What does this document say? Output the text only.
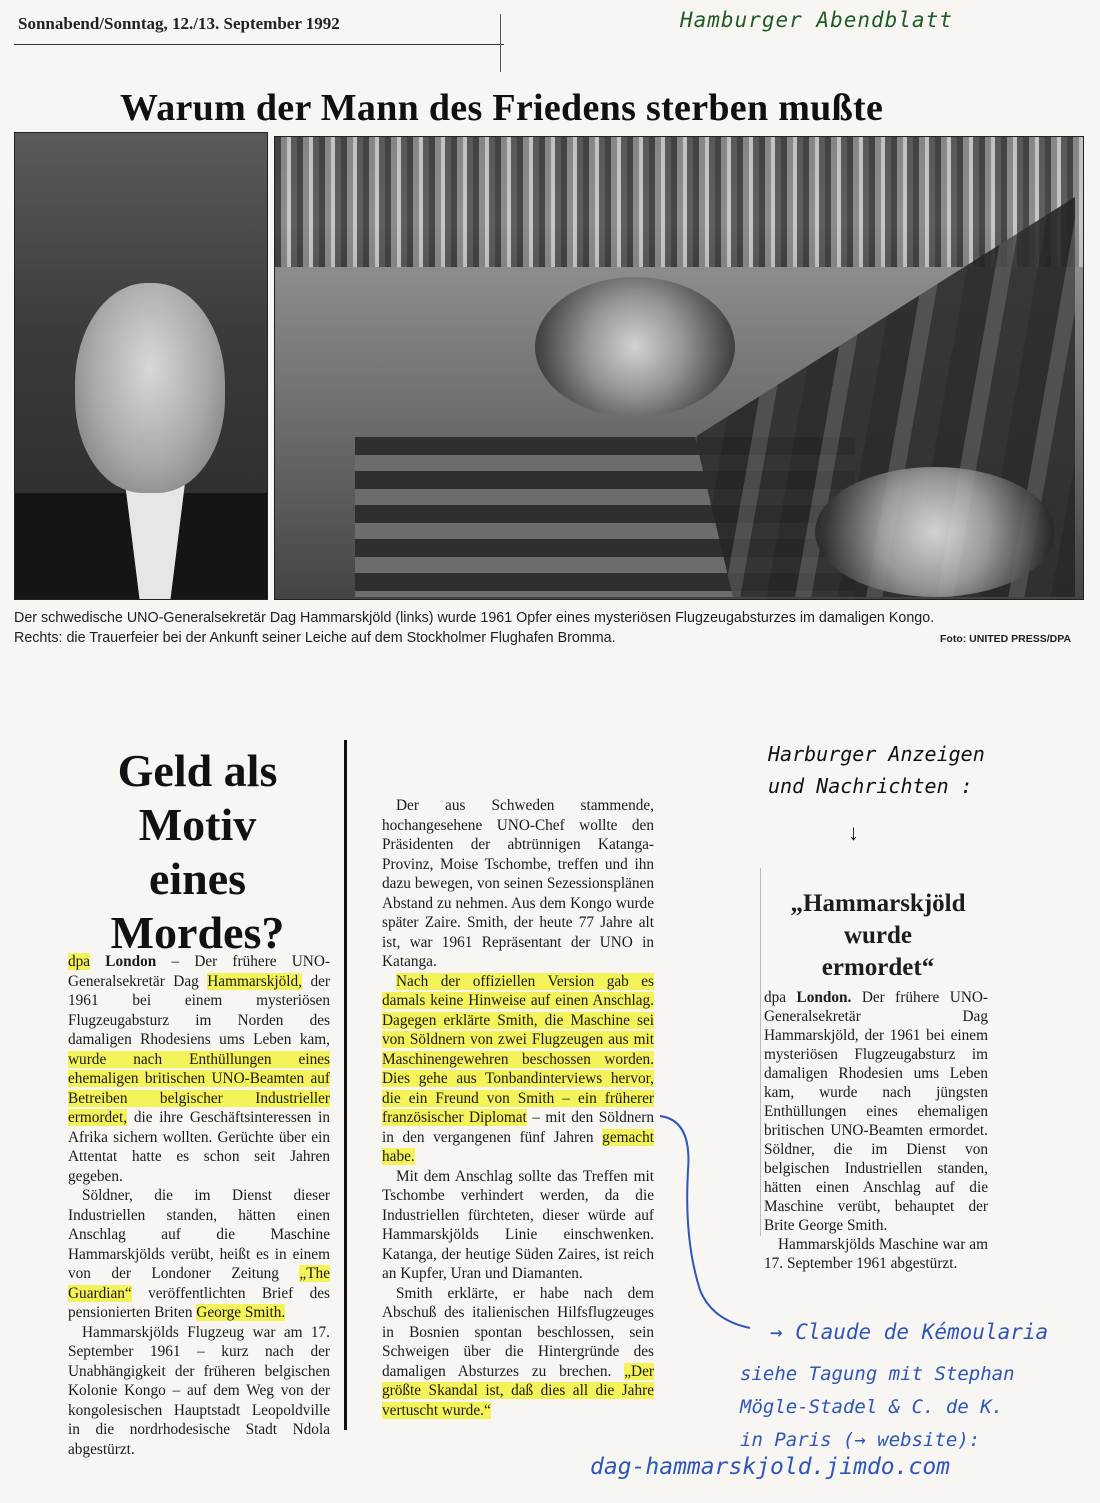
Sonnabend/Sonntag, 12./13. September 1992	Hamburger Abendblatt
Warum der Mann des Friedens sterben mußte
Der schwedische UNO-Generalsekretär Dag Hammarskjöld (links) wurde 1961 Opfer eines mysteriösen Flugzeugabsturzes im damaligen Kongo.
Rechts: die Trauerfeier bei der Ankunft seiner Leiche auf dem Stockholmer Flughafen Bromma.	Foto: UNITED PRESS/DPA
Geld als
Motiv
eines
Mordes?

dpa London – Der frühere UNO-Generalsekretär Dag Hammarskjöld, der 1961 bei einem mysteriösen Flugzeugabsturz im Norden des damaligen Rhodesiens ums Leben kam, wurde nach Enthüllungen eines ehemaligen britischen UNO-Beamten auf Betreiben belgischer Industrieller ermordet, die ihre Geschäftsinteressen in Afrika sichern wollten. Gerüchte über ein Attentat hatte es schon seit Jahren gegeben.

Söldner, die im Dienst dieser Industriellen standen, hätten einen Anschlag auf die Maschine Hammarskjölds verübt, heißt es in einem von der Londoner Zeitung „The Guardian“ veröffentlichten Brief des pensionierten Briten George Smith.

Hammarskjölds Flugzeug war am 17. September 1961 – kurz nach der Unabhängigkeit der früheren belgischen Kolonie Kongo – auf dem Weg von der kongolesischen Hauptstadt Leopoldville in die nordrhodesische Stadt Ndola abgestürzt.

Der aus Schweden stammende, hochangesehene UNO-Chef wollte den Präsidenten der abtrünnigen Katanga-Provinz, Moise Tschombe, treffen und ihn dazu bewegen, von seinen Sezessionsplänen Abstand zu nehmen. Aus dem Kongo wurde später Zaire. Smith, der heute 77 Jahre alt ist, war 1961 Repräsentant der UNO in Katanga.

Nach der offiziellen Version gab es damals keine Hinweise auf einen Anschlag. Dagegen erklärte Smith, die Maschine sei von Söldnern von zwei Flugzeugen aus mit Maschinengewehren beschossen worden. Dies gehe aus Tonbandinterviews hervor, die ein Freund von Smith – ein früherer französischer Diplomat – mit den Söldnern in den vergangenen fünf Jahren gemacht habe.

Mit dem Anschlag sollte das Treffen mit Tschombe verhindert werden, da die Industriellen fürchteten, dieser würde auf Hammarskjölds Linie einschwenken. Katanga, der heutige Süden Zaires, ist reich an Kupfer, Uran und Diamanten.

Smith erklärte, er habe nach dem Abschuß des italienischen Hilfsflugzeuges in Bosnien spontan beschlossen, sein Schweigen über die Hintergründe des damaligen Absturzes zu brechen. „Der größte Skandal ist, daß dies all die Jahre vertuscht wurde.“

Harburger Anzeigen
und Nachrichten :
↓
„Hammarskjöld
wurde
ermordet“

dpa London. Der frühere UNO-Generalsekretär Dag Hammarskjöld, der 1961 bei einem mysteriösen Flugzeugabsturz im damaligen Rhodesien ums Leben kam, wurde nach jüngsten Enthüllungen eines ehemaligen britischen UNO-Beamten ermordet. Söldner, die im Dienst von belgischen Industriellen standen, hätten einen Anschlag auf die Maschine verübt, behauptet der Brite George Smith.

Hammarskjölds Maschine war am 17. September 1961 abgestürzt.

→ Claude de Kémoularia
siehe Tagung mit Stephan
Mögle-Stadel & C. de K.
in Paris (→ website):
dag-hammarskjold.jimdo.com
